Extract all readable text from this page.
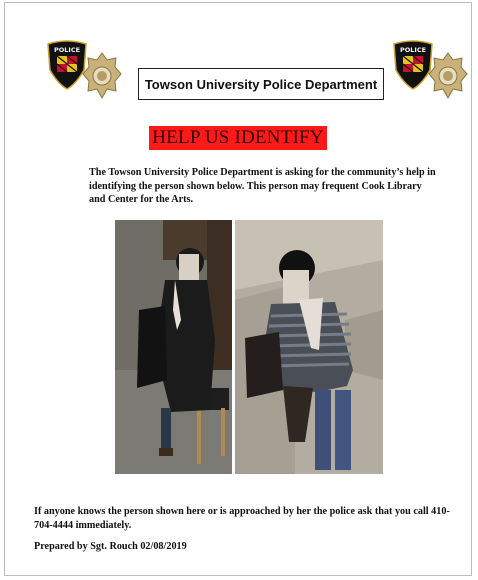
POLICE	POLICE
Towson University Police Department
HELP US IDENTIFY
The Towson University Police Department is asking for the community’s help in identifying the person shown below. This person may frequent Cook Library and Center for the Arts.
If anyone knows the person shown here or is approached by her the police ask that you call 410-704-4444 immediately.
Prepared by Sgt. Rouch 02/08/2019
